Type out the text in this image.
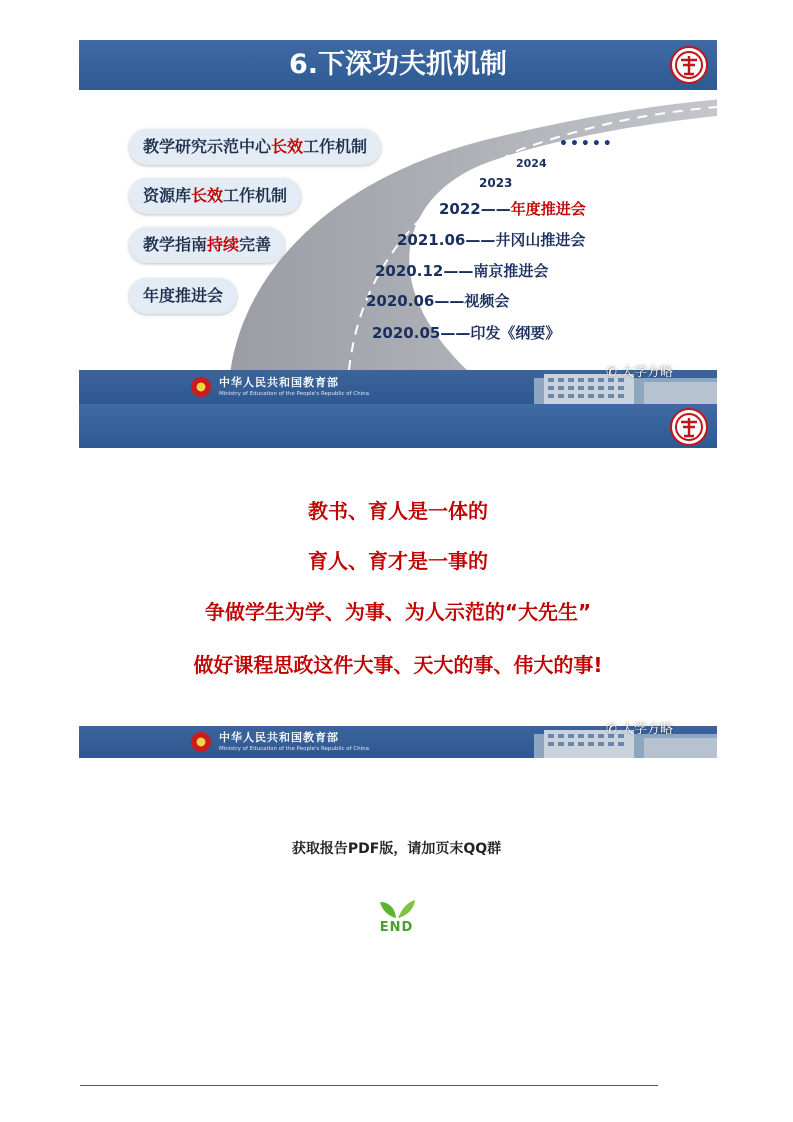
6.下深功夫抓机制
•••••
教学研究示范中心长效工作机制
资源库长效工作机制
教学指南持续完善
年度推进会
2024
2023
2022——年度推进会
2021.06——井冈山推进会
2020.12——南京推进会
2020.06——视频会
2020.05——印发《纲要》
中华人民共和国教育部
Ministry of Education of the People's Republic of China
✆ 大学方略
教书、育人是一体的
育人、育才是一事的
争做学生为学、为事、为人示范的“大先生”
做好课程思政这件大事、天大的事、伟大的事!
中华人民共和国教育部
Ministry of Education of the People's Republic of China
✆ 大学方略
获取报告PDF版，请加页末QQ群
END
